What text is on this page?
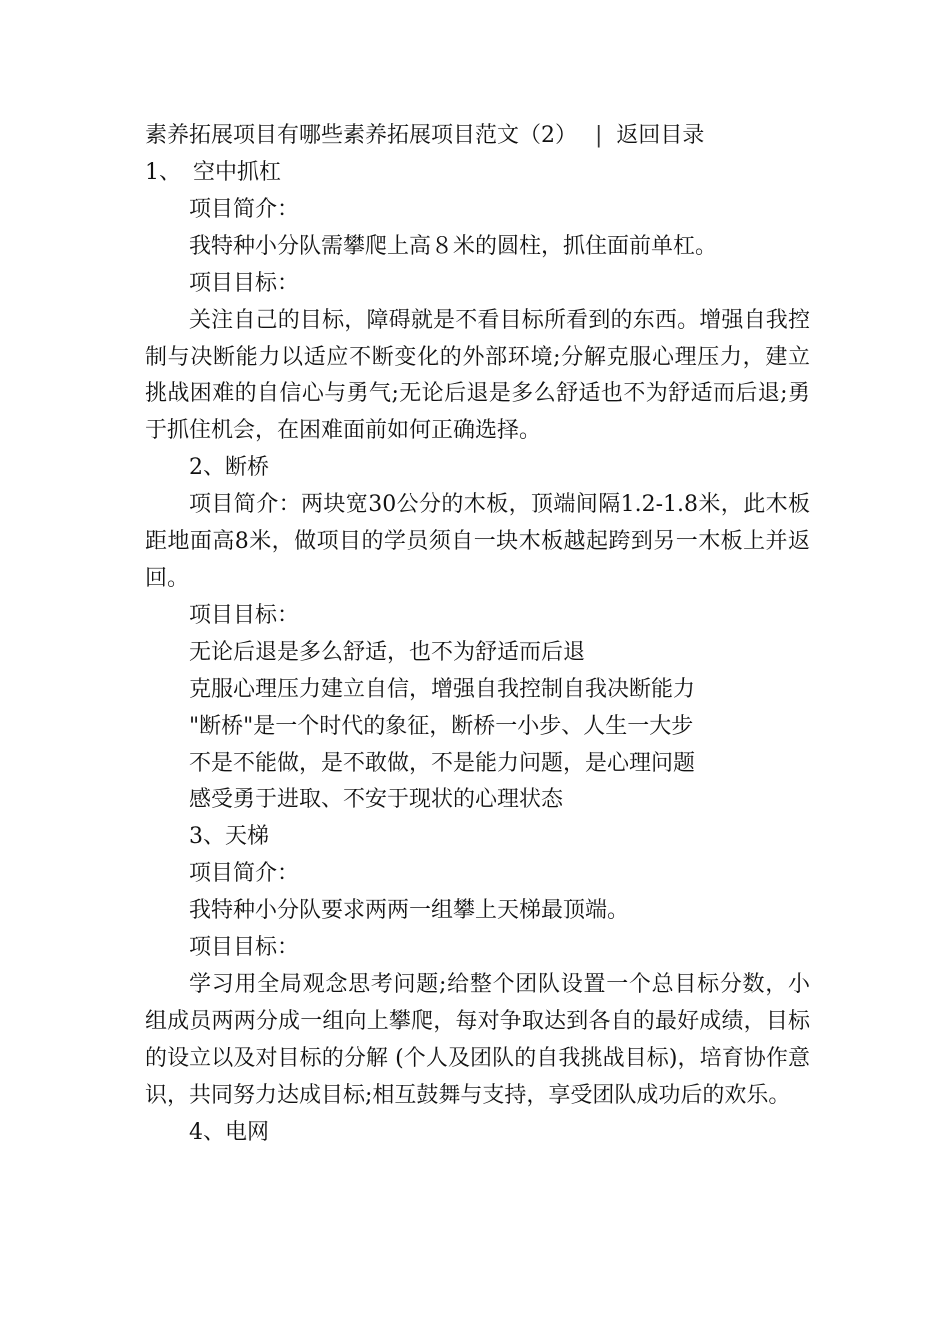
素养拓展项目有哪些素养拓展项目范文（2） | 返回目录

1、 空中抓杠

项目简介：

我特种小分队需攀爬上高８米的圆柱，抓住面前单杠。

项目目标：

关注自己的目标，障碍就是不看目标所看到的东西。增强自我控制与决断能力以适应不断变化的外部环境;分解克服心理压力，建立挑战困难的自信心与勇气;无论后退是多么舒适也不为舒适而后退;勇于抓住机会，在困难面前如何正确选择。

2、断桥

项目简介：两块宽30公分的木板，顶端间隔1.2-1.8米，此木板距地面高8米，做项目的学员须自一块木板越起跨到另一木板上并返回。

项目目标：

无论后退是多么舒适，也不为舒适而后退

克服心理压力建立自信，增强自我控制自我决断能力

"断桥"是一个时代的象征，断桥一小步、人生一大步

不是不能做，是不敢做，不是能力问题，是心理问题

感受勇于进取、不安于现状的心理状态

3、天梯

项目简介：

我特种小分队要求两两一组攀上天梯最顶端。

项目目标：

学习用全局观念思考问题;给整个团队设置一个总目标分数，小组成员两两分成一组向上攀爬，每对争取达到各自的最好成绩，目标的设立以及对目标的分解 (个人及团队的自我挑战目标)，培育协作意识，共同努力达成目标;相互鼓舞与支持，享受团队成功后的欢乐。

4、电网
